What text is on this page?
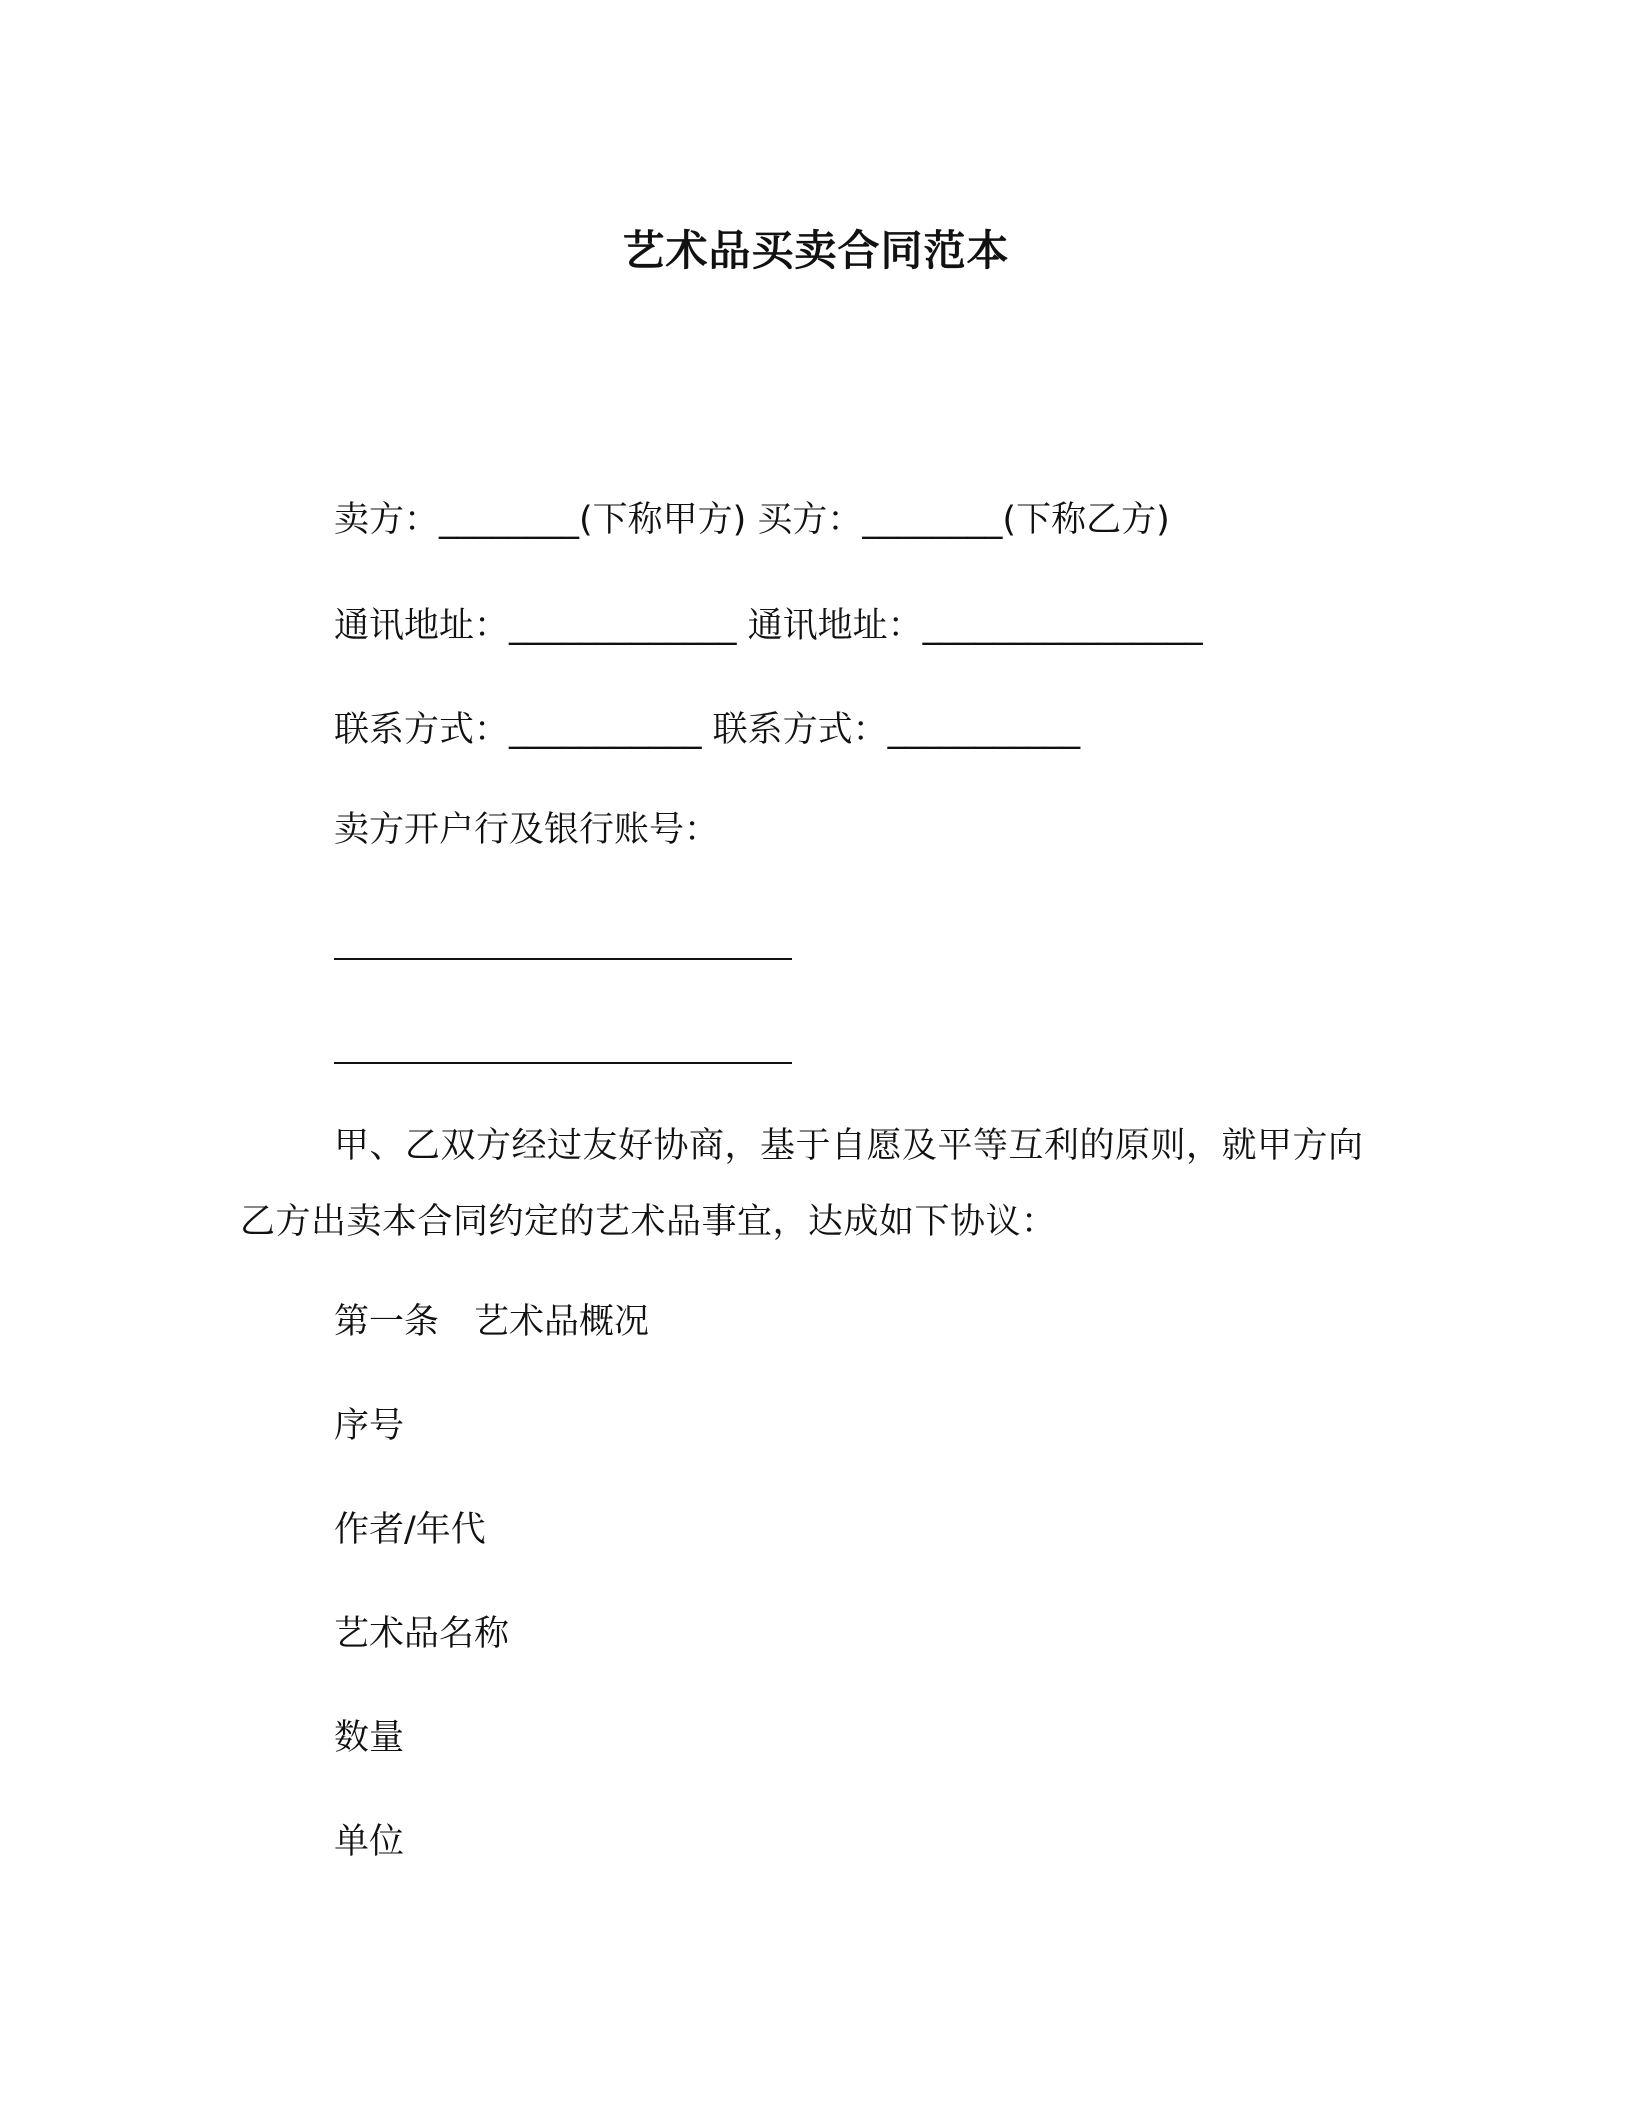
艺术品买卖合同范本
卖方：________(下称甲方) 买方：________(下称乙方)
通讯地址：_____________ 通讯地址：________________
联系方式：___________ 联系方式：___________
卖方开户行及银行账号：
甲、乙双方经过友好协商，基于自愿及平等互利的原则，就甲方向乙方出卖本合同约定的艺术品事宜，达成如下协议：
第一条　艺术品概况
序号
作者/年代
艺术品名称
数量
单位
